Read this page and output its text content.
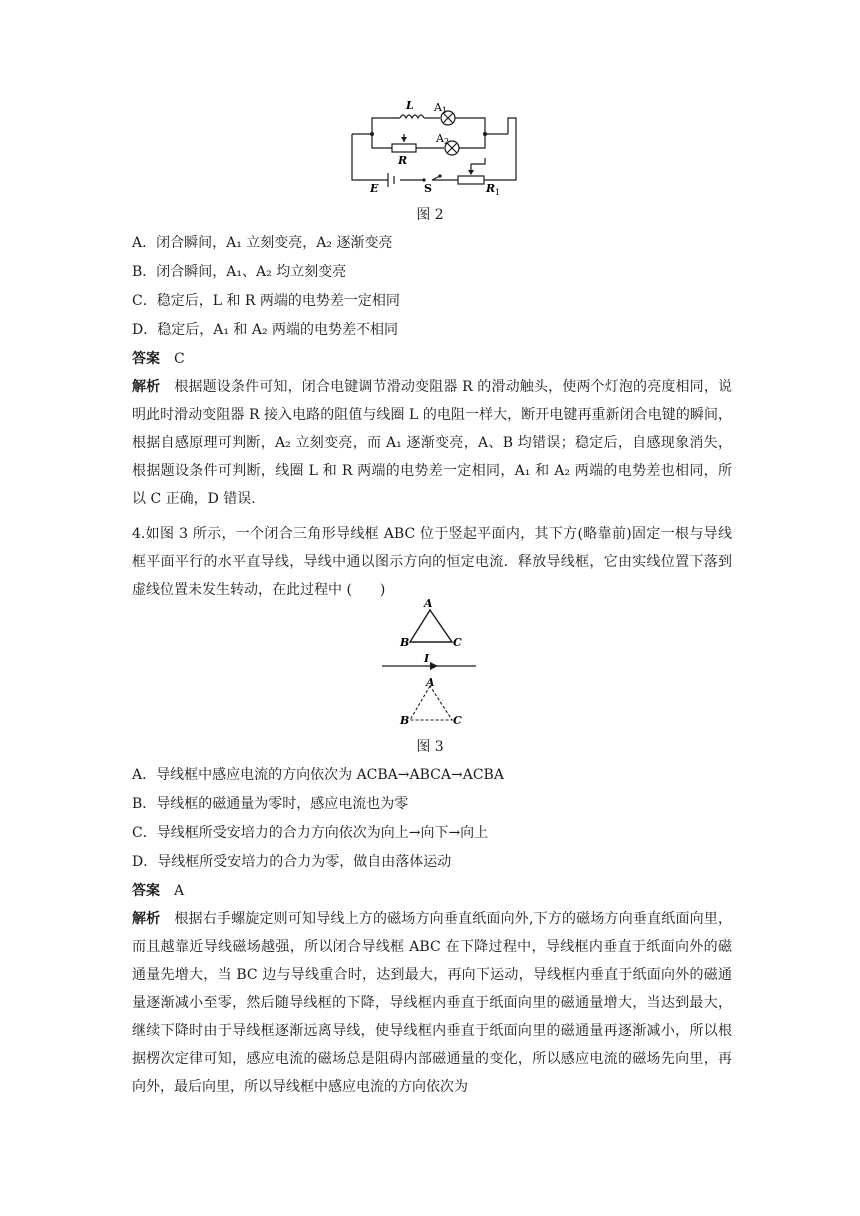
L A 1
A 2
R
E	S	R 1
图 2
A．闭合瞬间，A₁ 立刻变亮，A₂ 逐渐变亮
B．闭合瞬间，A₁、A₂ 均立刻变亮
C．稳定后，L 和 R 两端的电势差一定相同
D．稳定后，A₁ 和 A₂ 两端的电势差不相同
答案 C
解析 根据题设条件可知，闭合电键调节滑动变阻器 R 的滑动触头，使两个灯泡的亮度相同，说明此时滑动变阻器 R 接入电路的阻值与线圈 L 的电阻一样大，断开电键再重新闭合电键的瞬间，根据自感原理可判断，A₂ 立刻变亮，而 A₁ 逐渐变亮，A、B 均错误；稳定后，自感现象消失，根据题设条件可判断，线圈 L 和 R 两端的电势差一定相同，A₁ 和 A₂ 两端的电势差也相同，所以 C 正确，D 错误.
4.如图 3 所示，一个闭合三角形导线框 ABC 位于竖起平面内，其下方(略靠前)固定一根与导线框平面平行的水平直导线，导线中通以图示方向的恒定电流．释放导线框，它由实线位置下落到虚线位置未发生转动，在此过程中 (　　)
A
B	C
I
A
B	C
图 3
A．导线框中感应电流的方向依次为 ACBA→ABCA→ACBA
B．导线框的磁通量为零时，感应电流也为零
C．导线框所受安培力的合力方向依次为向上→向下→向上
D．导线框所受安培力的合力为零，做自由落体运动
答案 A
解析 根据右手螺旋定则可知导线上方的磁场方向垂直纸面向外,下方的磁场方向垂直纸面向里，而且越靠近导线磁场越强，所以闭合导线框 ABC 在下降过程中，导线框内垂直于纸面向外的磁通量先增大，当 BC 边与导线重合时，达到最大，再向下运动，导线框内垂直于纸面向外的磁通量逐渐减小至零，然后随导线框的下降，导线框内垂直于纸面向里的磁通量增大，当达到最大，继续下降时由于导线框逐渐远离导线，使导线框内垂直于纸面向里的磁通量再逐渐减小，所以根据楞次定律可知，感应电流的磁场总是阻碍内部磁通量的变化，所以感应电流的磁场先向里，再向外，最后向里，所以导线框中感应电流的方向依次为
